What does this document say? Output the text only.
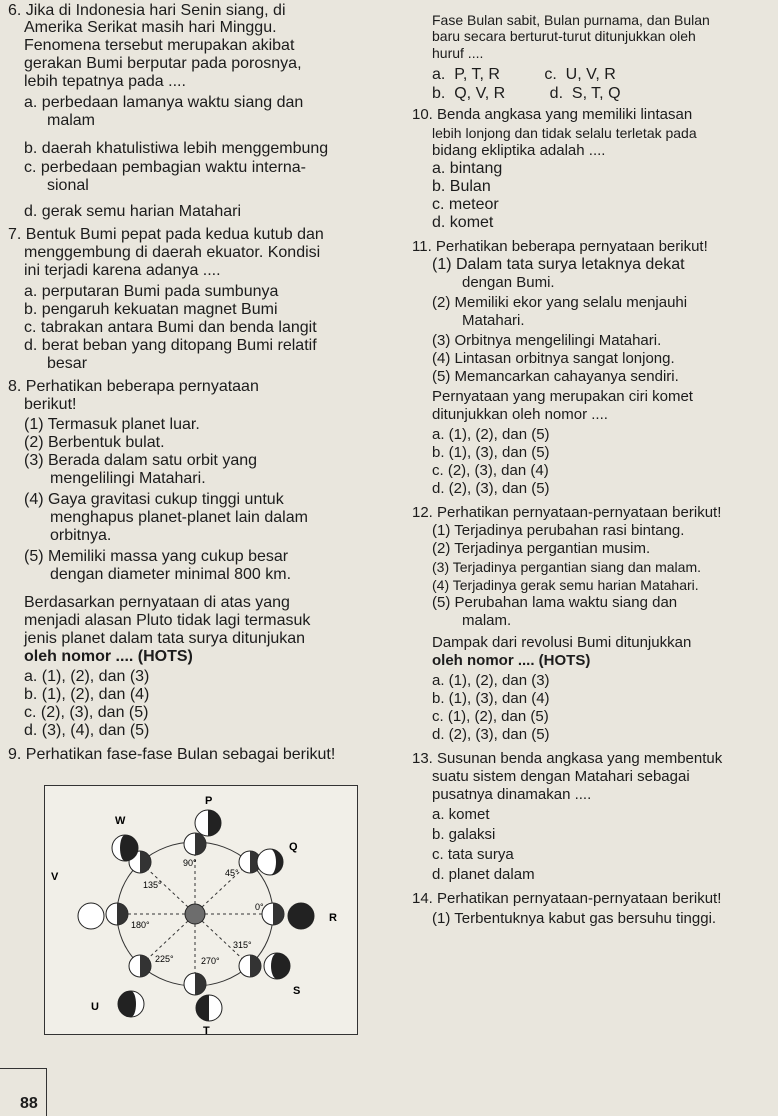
6. Jika di Indonesia hari Senin siang, di
Amerika Serikat masih hari Minggu.
Fenomena tersebut merupakan akibat
gerakan Bumi berputar pada porosnya,
lebih tepatnya pada ....
a. perbedaan lamanya waktu siang dan
malam
b. daerah khatulistiwa lebih menggembung
c. perbedaan pembagian waktu interna-
sional
d. gerak semu harian Matahari
7. Bentuk Bumi pepat pada kedua kutub dan
menggembung di daerah ekuator. Kondisi
ini terjadi karena adanya ....
a. perputaran Bumi pada sumbunya
b. pengaruh kekuatan magnet Bumi
c. tabrakan antara Bumi dan benda langit
d. berat beban yang ditopang Bumi relatif
besar
8. Perhatikan beberapa pernyataan
berikut!
(1) Termasuk planet luar.
(2) Berbentuk bulat.
(3) Berada dalam satu orbit yang
mengelilingi Matahari.
(4) Gaya gravitasi cukup tinggi untuk
menghapus planet-planet lain dalam
orbitnya.
(5) Memiliki massa yang cukup besar
dengan diameter minimal 800 km.
Berdasarkan pernyataan di atas yang
menjadi alasan Pluto tidak lagi termasuk
jenis planet dalam tata surya ditunjukan
oleh nomor .... (HOTS)
a. (1), (2), dan (3)
b. (1), (2), dan (4)
c. (2), (3), dan (5)
d. (3), (4), dan (5)
9. Perhatikan fase-fase Bulan sebagai berikut!
P
Q
R
S
T
U
V
W
90°
45°
135°
0°
180°
315°
225°	270°
Fase Bulan sabit, Bulan purnama, dan Bulan
baru secara berturut-turut ditunjukkan oleh
huruf ....
a.  P, T, R          c.  U, V, R
b.  Q, V, R          d.  S, T, Q
10. Benda angkasa yang memiliki lintasan
lebih lonjong dan tidak selalu terletak pada
bidang ekliptika adalah ....
a. bintang
b. Bulan
c. meteor
d. komet
11. Perhatikan beberapa pernyataan berikut!
(1) Dalam tata surya letaknya dekat
dengan Bumi.
(2) Memiliki ekor yang selalu menjauhi
Matahari.
(3) Orbitnya mengelilingi Matahari.
(4) Lintasan orbitnya sangat lonjong.
(5) Memancarkan cahayanya sendiri.
Pernyataan yang merupakan ciri komet
ditunjukkan oleh nomor ....
a. (1), (2), dan (5)
b. (1), (3), dan (5)
c. (2), (3), dan (4)
d. (2), (3), dan (5)
12. Perhatikan pernyataan-pernyataan berikut!
(1) Terjadinya perubahan rasi bintang.
(2) Terjadinya pergantian musim.
(3) Terjadinya pergantian siang dan malam.
(4) Terjadinya gerak semu harian Matahari.
(5) Perubahan lama waktu siang dan
malam.
Dampak dari revolusi Bumi ditunjukkan
oleh nomor .... (HOTS)
a. (1), (2), dan (3)
b. (1), (3), dan (4)
c. (1), (2), dan (5)
d. (2), (3), dan (5)
13. Susunan benda angkasa yang membentuk
suatu sistem dengan Matahari sebagai
pusatnya dinamakan ....
a. komet
b. galaksi
c. tata surya
d. planet dalam
14. Perhatikan pernyataan-pernyataan berikut!
(1) Terbentuknya kabut gas bersuhu tinggi.
88
